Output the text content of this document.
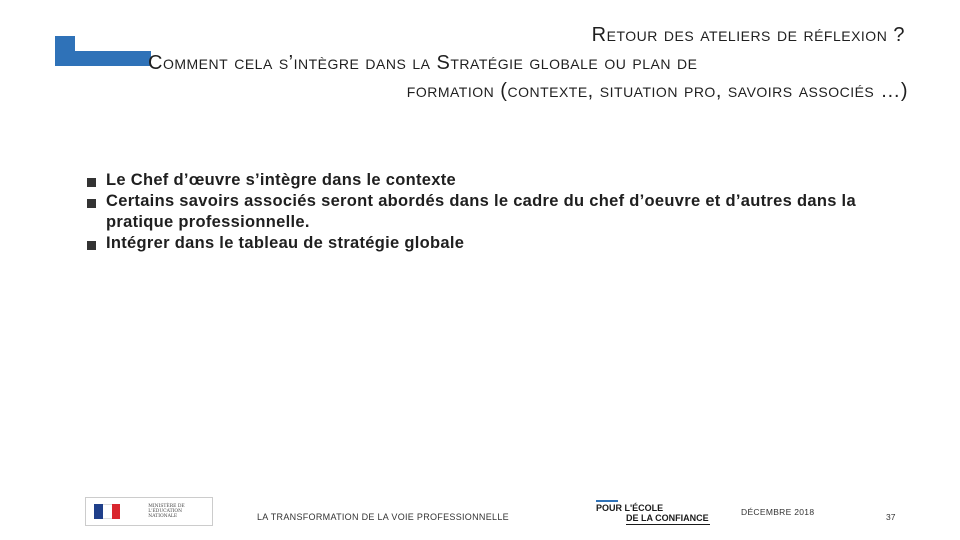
Retour des ateliers de réflexion ?
Comment cela s’intègre dans la Stratégie globale ou plan de
formation (contexte, situation pro, savoirs associés …)
Le Chef d’œuvre s’intègre dans le contexte
Certains savoirs associés seront abordés dans le cadre du chef d’oeuvre et d’autres dans la pratique professionnelle.
Intégrer dans le tableau de stratégie globale
MINISTÈRE DE L'ÉDUCATION NATIONALE	LA TRANSFORMATION DE LA VOIE PROFESSIONNELLE
POUR L'ÉCOLE
DE LA CONFIANCE
DÉCEMBRE 2018	37
